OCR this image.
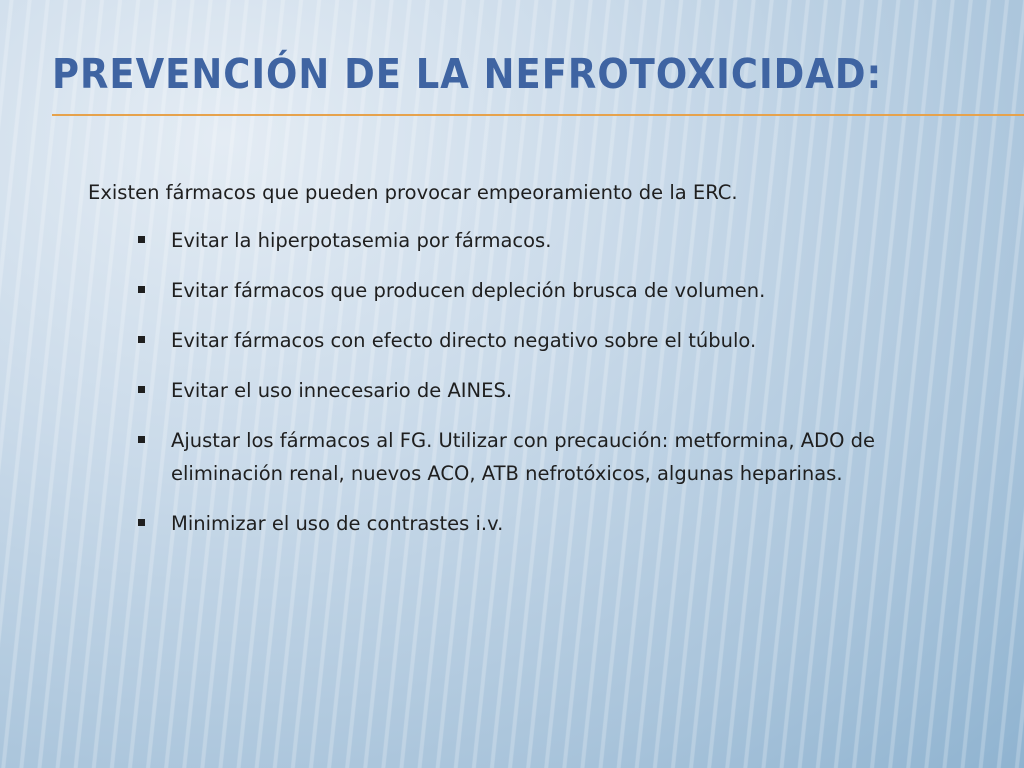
PREVENCIÓN DE LA NEFROTOXICIDAD:

Existen fármacos que pueden provocar empeoramiento de la ERC.

Evitar la hiperpotasemia por fármacos.
Evitar fármacos que producen depleción brusca de volumen.
Evitar fármacos con efecto directo negativo sobre el túbulo.
Evitar el uso innecesario de AINES.
Ajustar los fármacos al FG. Utilizar con precaución: metformina, ADO de eliminación renal, nuevos ACO, ATB nefrotóxicos, algunas heparinas.
Minimizar el uso de contrastes i.v.
